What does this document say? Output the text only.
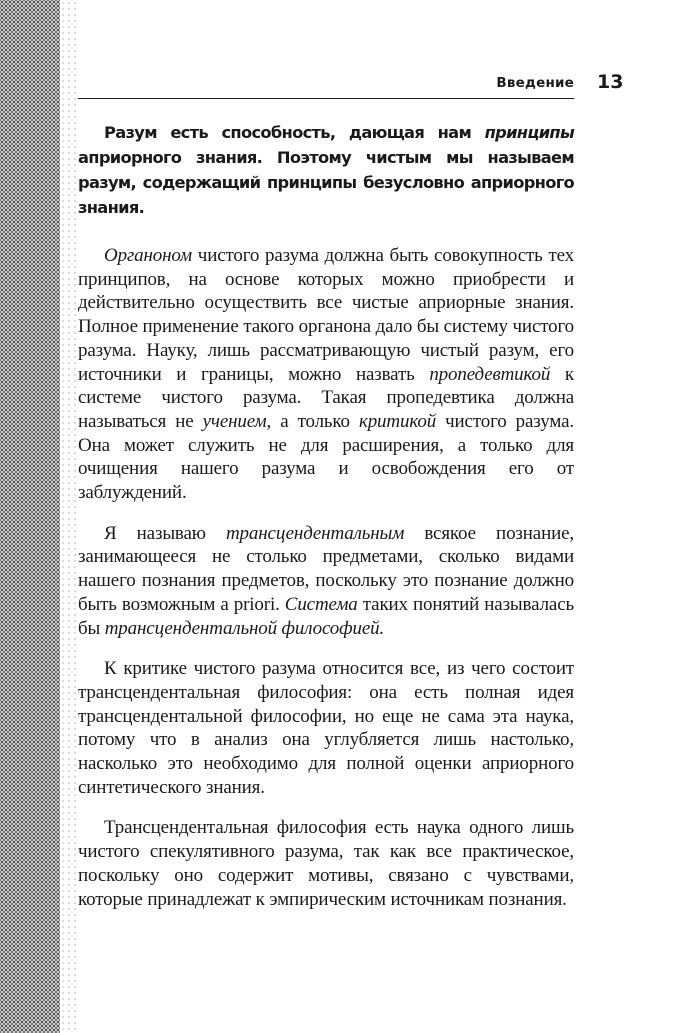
Введение 13

Разум есть способность, дающая нам принципы априорного знания. Поэтому чистым мы называем разум, содержащий принципы безусловно априорного знания.

Органоном чистого разума должна быть совокупность тех принципов, на основе которых можно приобрести и действительно осуществить все чистые априорные знания. Полное применение такого органона дало бы систему чистого разума. Науку, лишь рассматривающую чистый разум, его источники и границы, можно назвать пропедевтикой к системе чистого разума. Такая пропедевтика должна называться не учением, а только критикой чистого разума. Она может служить не для расширения, а только для очищения нашего разума и освобождения его от заблуждений.

Я называю трансцендентальным всякое познание, занимающееся не столько предметами, сколько видами нашего познания предметов, поскольку это познание должно быть возможным a priori. Система таких понятий называлась бы трансцендентальной философией.

К критике чистого разума относится все, из чего состоит трансцендентальная философия: она есть полная идея трансцендентальной философии, но еще не сама эта наука, потому что в анализ она углубляется лишь настолько, насколько это необходимо для полной оценки априорного синтетического знания.

Трансцендентальная философия есть наука одного лишь чистого спекулятивного разума, так как все практическое, поскольку оно содержит мотивы, связано с чувствами, которые принадлежат к эмпирическим источникам познания.
